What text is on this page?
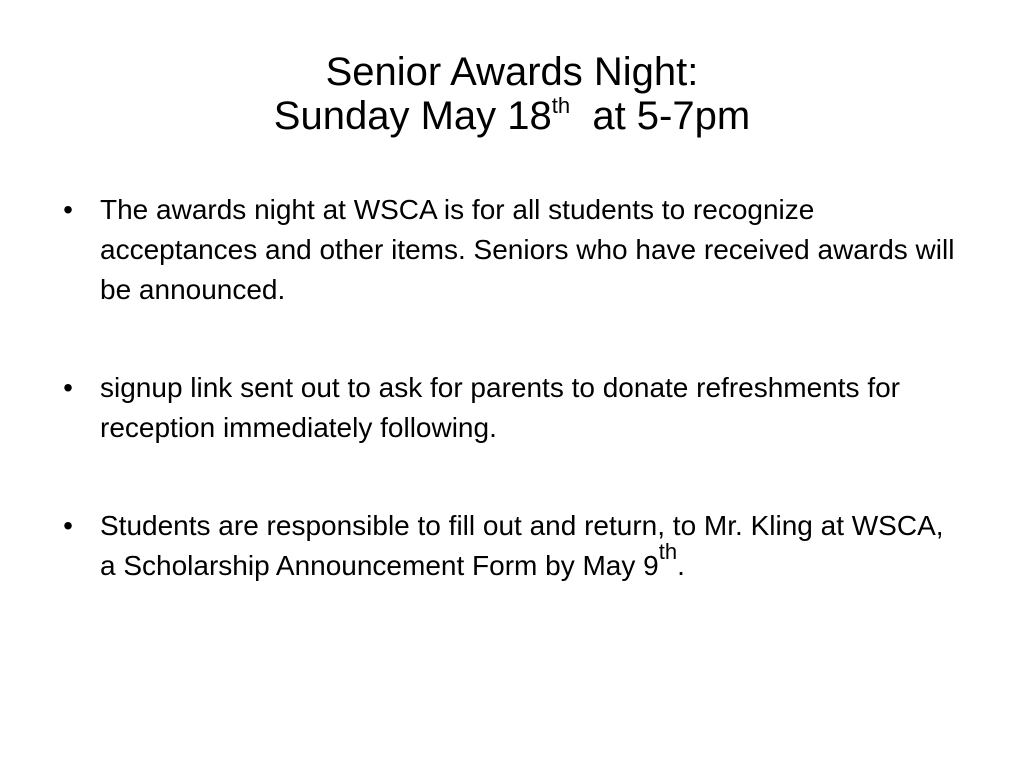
Senior Awards Night:
Sunday May 18th  at 5-7pm
• The awards night at WSCA is for all students to recognize acceptances and other items. Seniors who have received awards will be announced.
• signup link sent out to ask for parents to donate refreshments for reception immediately following.
• Students are responsible to fill out and return, to Mr. Kling at WSCA, a Scholarship Announcement Form by May 9th.
